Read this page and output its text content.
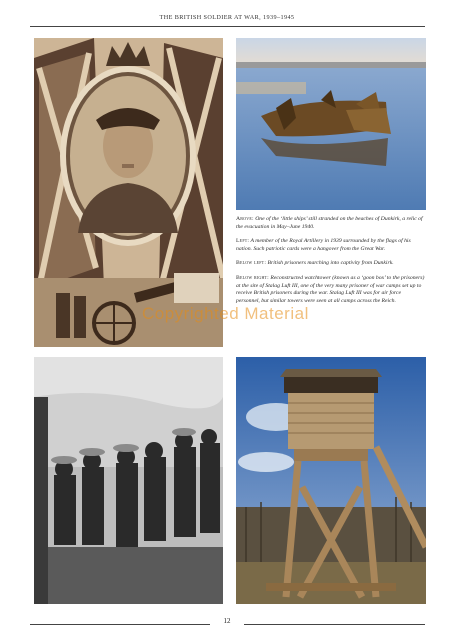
THE BRITISH SOLDIER AT WAR, 1939–1945

Above: One of the ‘little ships’ still stranded on the beaches of Dunkirk, a relic of the evacuation in May–June 1940.

Left: A member of the Royal Artillery in 1939 surrounded by the flags of his nation. Such patriotic cards were a hangover from the Great War.

Below left: British prisoners marching into captivity from Dunkirk.

Below right: Reconstructed watchtower (known as a ‘goon box’ to the prisoners) at the site of Stalag Luft III, one of the very many prisoner of war camps set up to receive British prisoners during the war. Stalag Luft III was for air force personnel, but similar towers were seen at all camps across the Reich.

Copyrighted Material
12
